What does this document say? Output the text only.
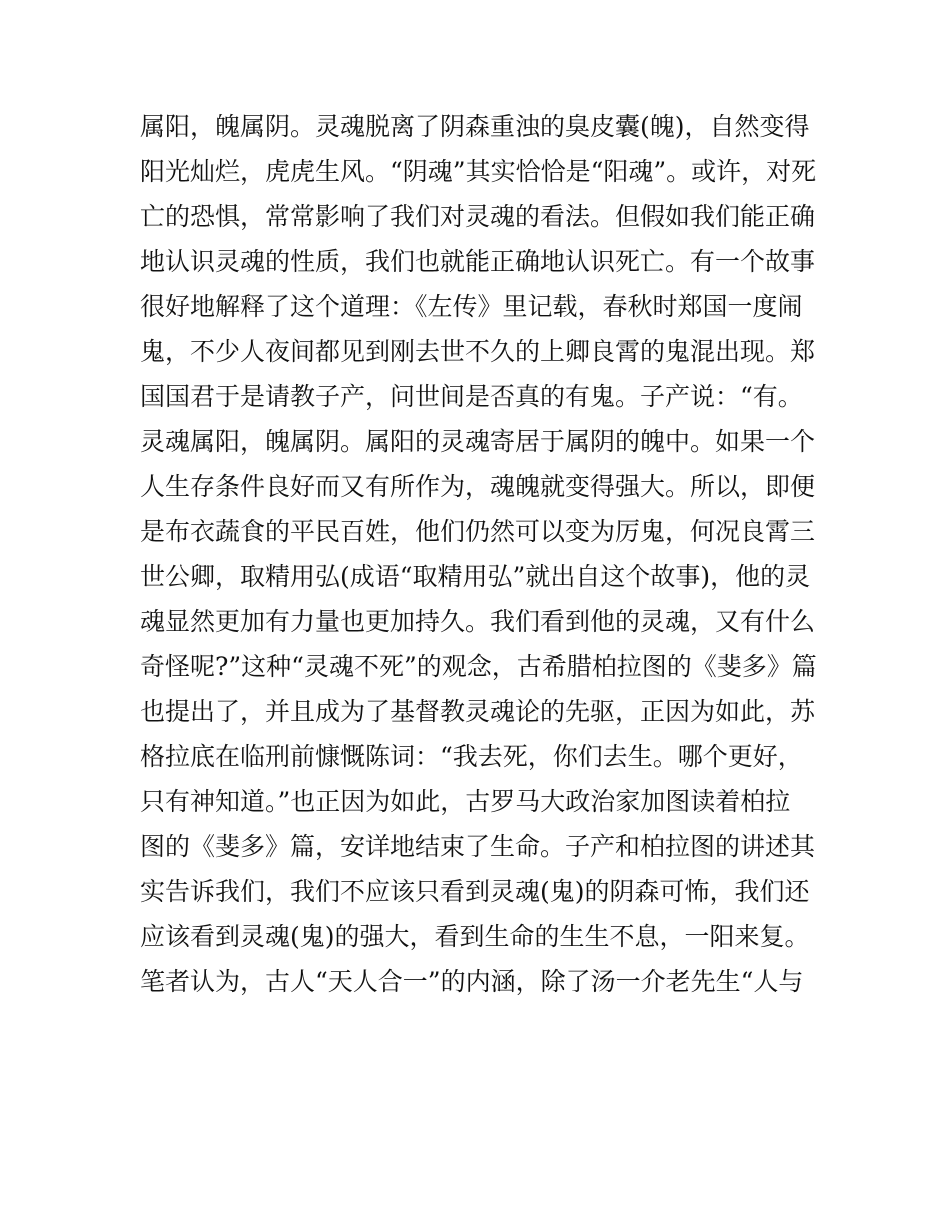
属阳，魄属阴。灵魂脱离了阴森重浊的臭皮囊(魄)，自然变得
阳光灿烂，虎虎生风。“阴魂”其实恰恰是“阳魂”。或许，对死
亡的恐惧，常常影响了我们对灵魂的看法。但假如我们能正确
地认识灵魂的性质，我们也就能正确地认识死亡。有一个故事
很好地解释了这个道理：《左传》里记载，春秋时郑国一度闹
鬼，不少人夜间都见到刚去世不久的上卿良霄的鬼混出现。郑
国国君于是请教子产，问世间是否真的有鬼。子产说：“有。
灵魂属阳，魄属阴。属阳的灵魂寄居于属阴的魄中。如果一个
人生存条件良好而又有所作为，魂魄就变得强大。所以，即便
是布衣蔬食的平民百姓，他们仍然可以变为厉鬼，何况良霄三
世公卿，取精用弘(成语“取精用弘”就出自这个故事)，他的灵
魂显然更加有力量也更加持久。我们看到他的灵魂，又有什么
奇怪呢?”这种“灵魂不死”的观念，古希腊柏拉图的《斐多》篇
也提出了，并且成为了基督教灵魂论的先驱，正因为如此，苏
格拉底在临刑前慷慨陈词：“我去死，你们去生。哪个更好，
只有神知道。”也正因为如此，古罗马大政治家加图读着柏拉
图的《斐多》篇，安详地结束了生命。子产和柏拉图的讲述其
实告诉我们，我们不应该只看到灵魂(鬼)的阴森可怖，我们还
应该看到灵魂(鬼)的强大，看到生命的生生不息，一阳来复。
笔者认为，古人“天人合一”的内涵，除了汤一介老先生“人与
